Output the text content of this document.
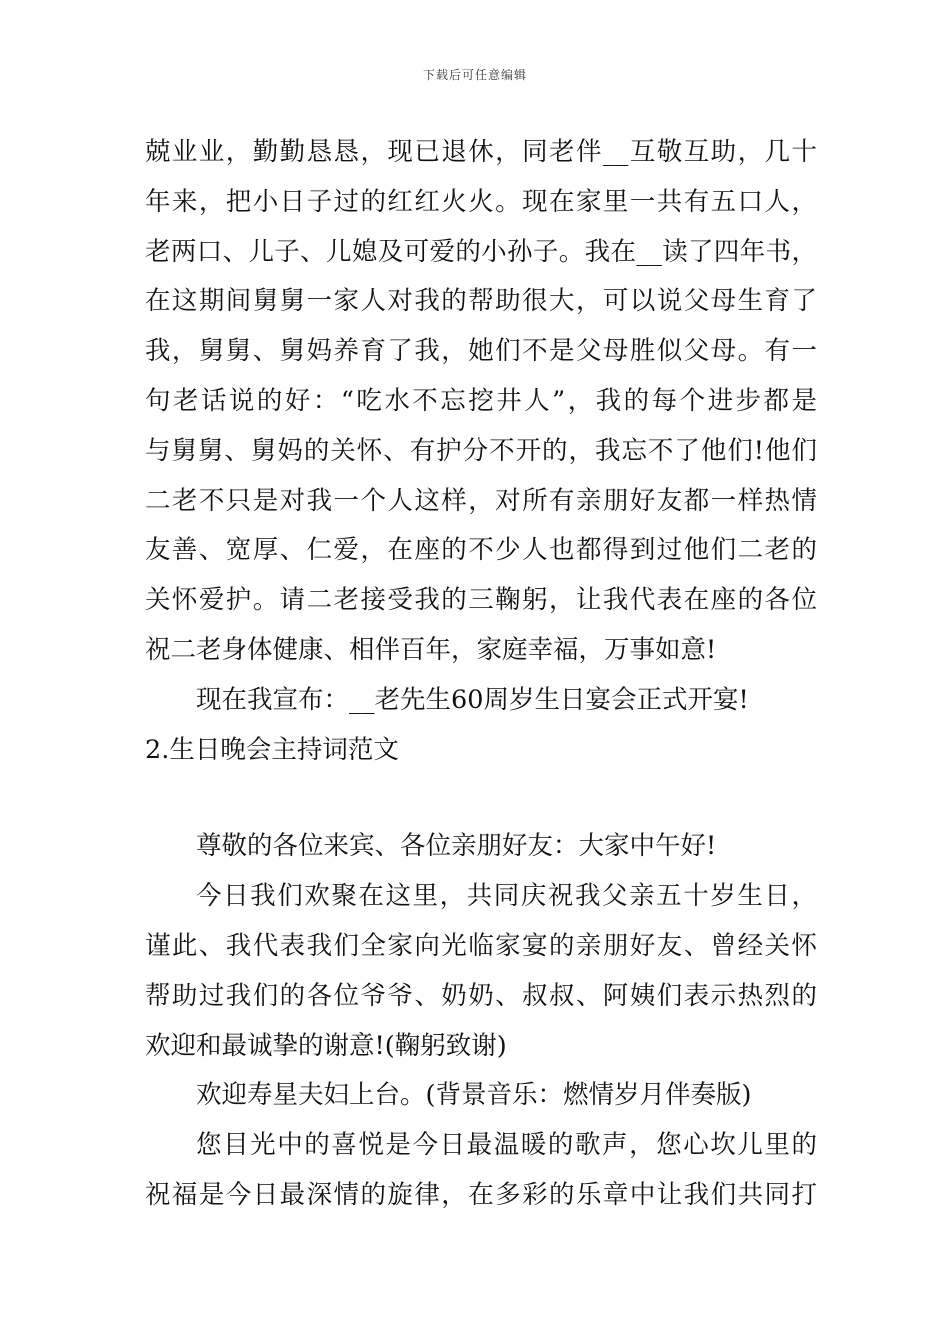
下载后可任意编辑
兢业业，勤勤恳恳，现已退休，同老伴__互敬互助，几十
年来，把小日子过的红红火火。现在家里一共有五口人，
老两口、儿子、儿媳及可爱的小孙子。我在__读了四年书，
在这期间舅舅一家人对我的帮助很大，可以说父母生育了
我，舅舅、舅妈养育了我，她们不是父母胜似父母。有一
句老话说的好：“吃水不忘挖井人”，我的每个进步都是
与舅舅、舅妈的关怀、有护分不开的，我忘不了他们!他们
二老不只是对我一个人这样，对所有亲朋好友都一样热情
友善、宽厚、仁爱，在座的不少人也都得到过他们二老的
关怀爱护。请二老接受我的三鞠躬，让我代表在座的各位
祝二老身体健康、相伴百年，家庭幸福，万事如意!
现在我宣布：__老先生60周岁生日宴会正式开宴!
2.生日晚会主持词范文
尊敬的各位来宾、各位亲朋好友：大家中午好!
今日我们欢聚在这里，共同庆祝我父亲五十岁生日，
谨此、我代表我们全家向光临家宴的亲朋好友、曾经关怀
帮助过我们的各位爷爷、奶奶、叔叔、阿姨们表示热烈的
欢迎和最诚挚的谢意!(鞠躬致谢)
欢迎寿星夫妇上台。(背景音乐：燃情岁月伴奏版)
您目光中的喜悦是今日最温暖的歌声，您心坎儿里的
祝福是今日最深情的旋律，在多彩的乐章中让我们共同打
